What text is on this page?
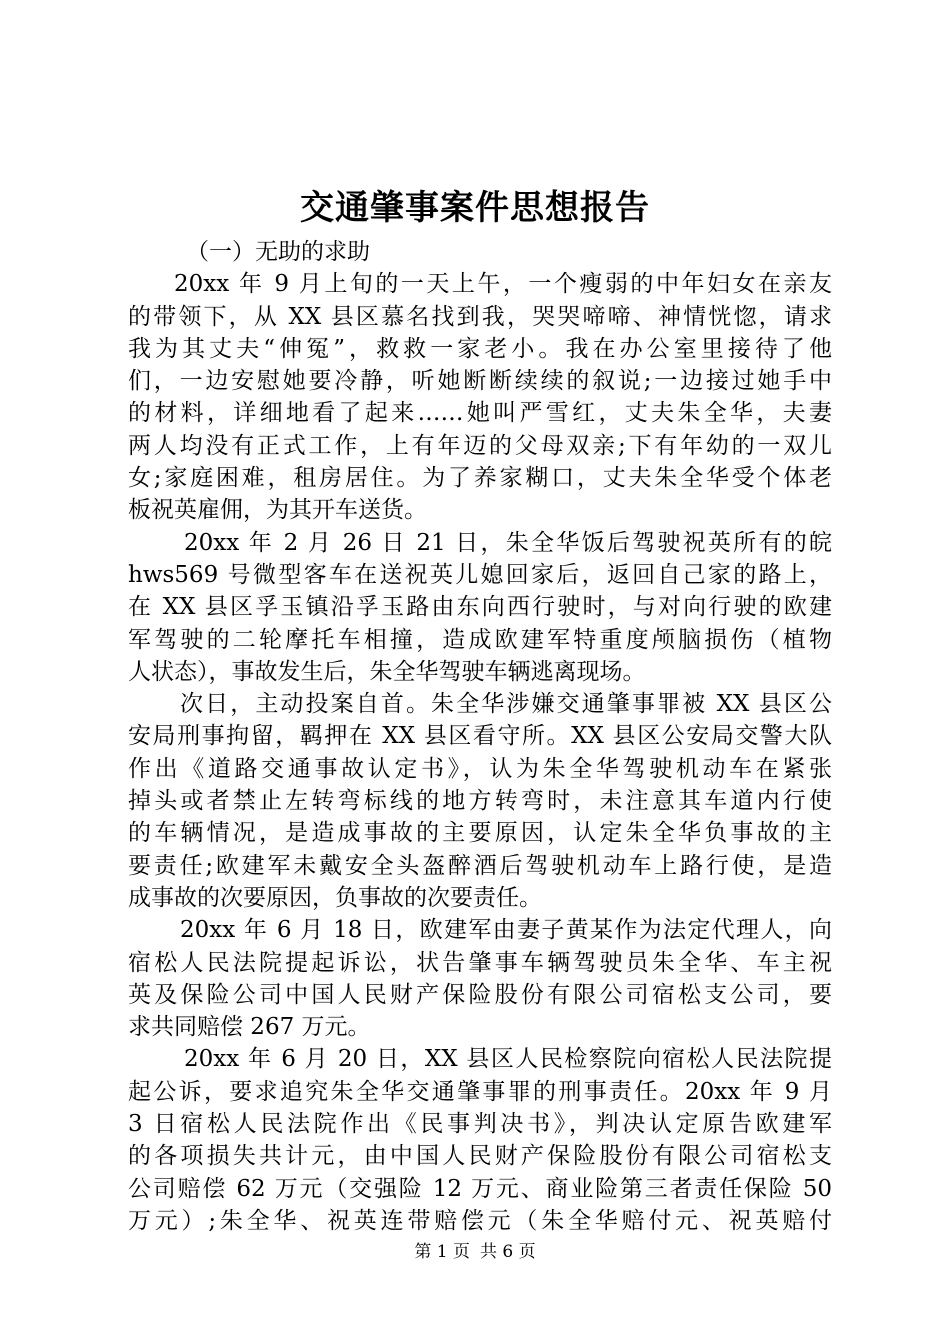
交通肇事案件思想报告
（一）无助的求助
20xx 年 9 月上旬的一天上午，一个瘦弱的中年妇女在亲友
的带领下，从 XX 县区慕名找到我，哭哭啼啼、神情恍惚，请求
我为其丈夫“伸冤”，救救一家老小。我在办公室里接待了他
们，一边安慰她要冷静，听她断断续续的叙说;一边接过她手中
的材料，详细地看了起来……她叫严雪红，丈夫朱全华，夫妻
两人均没有正式工作，上有年迈的父母双亲;下有年幼的一双儿
女;家庭困难，租房居住。为了养家糊口，丈夫朱全华受个体老
板祝英雇佣，为其开车送货。
20xx 年 2 月 26 日 21 日，朱全华饭后驾驶祝英所有的皖
hws569 号微型客车在送祝英儿媳回家后，返回自己家的路上，
在 XX 县区孚玉镇沿孚玉路由东向西行驶时，与对向行驶的欧建
军驾驶的二轮摩托车相撞，造成欧建军特重度颅脑损伤（植物
人状态），事故发生后，朱全华驾驶车辆逃离现场。
次日，主动投案自首。朱全华涉嫌交通肇事罪被 XX 县区公
安局刑事拘留，羁押在 XX 县区看守所。XX 县区公安局交警大队
作出《道路交通事故认定书》，认为朱全华驾驶机动车在紧张
掉头或者禁止左转弯标线的地方转弯时，未注意其车道内行使
的车辆情况，是造成事故的主要原因，认定朱全华负事故的主
要责任;欧建军未戴安全头盔醉酒后驾驶机动车上路行使，是造
成事故的次要原因，负事故的次要责任。
20xx 年 6 月 18 日，欧建军由妻子黄某作为法定代理人，向
宿松人民法院提起诉讼，状告肇事车辆驾驶员朱全华、车主祝
英及保险公司中国人民财产保险股份有限公司宿松支公司，要
求共同赔偿 267 万元。
20xx 年 6 月 20 日，XX 县区人民检察院向宿松人民法院提
起公诉，要求追究朱全华交通肇事罪的刑事责任。20xx 年 9 月
3 日宿松人民法院作出《民事判决书》，判决认定原告欧建军
的各项损失共计元，由中国人民财产保险股份有限公司宿松支
公司赔偿 62 万元（交强险 12 万元、商业险第三者责任保险 50
万元）;朱全华、祝英连带赔偿元（朱全华赔付元、祝英赔付
第 1 页 共 6 页
